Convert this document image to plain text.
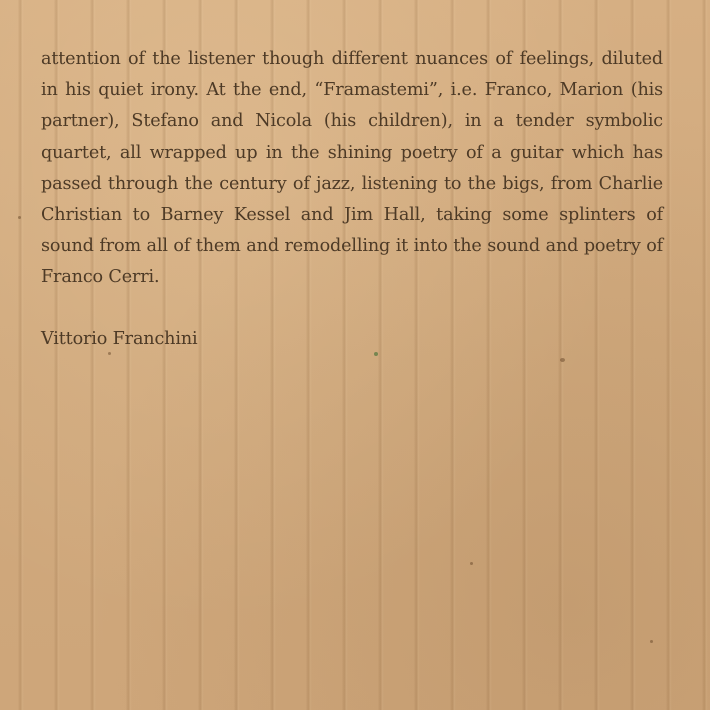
attention of the listener though different nuances of feelings, diluted in his quiet irony. At the end, “Framastemi”, i.e. Franco, Marion (his partner), Stefano and Nicola (his children), in a tender symbolic quartet, all wrapped up in the shining poetry of a guitar which has passed through the century of jazz, listening to the bigs, from Charlie Christian to Barney Kessel and Jim Hall, taking some splinters of sound from all of them and remodelling it into the sound and poetry of Franco Cerri.
Vittorio Franchini
